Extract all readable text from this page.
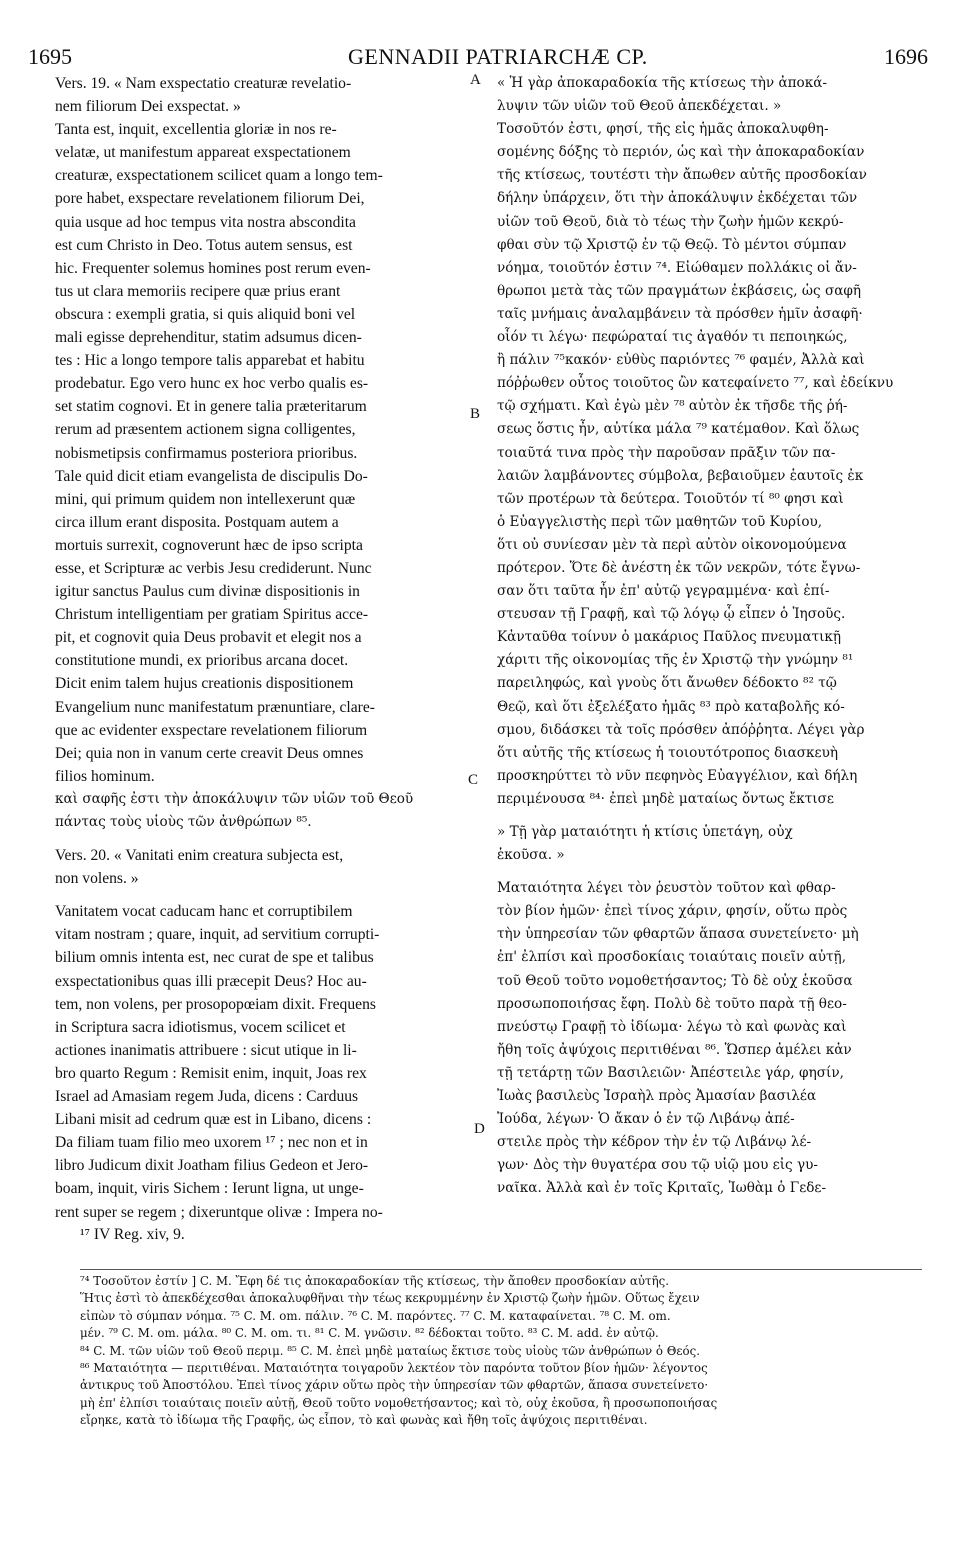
1695	GENNADII PATRIARCHÆ CP.	1696
A
B
C
D
Vers. 19. « Nam exspectatio creaturæ revelatio-
nem filiorum Dei exspectat. »
Tanta est, inquit, excellentia gloriæ in nos re-
velatæ, ut manifestum appareat exspectationem
creaturæ, exspectationem scilicet quam a longo tem-
pore habet, exspectare revelationem filiorum Dei,
quia usque ad hoc tempus vita nostra abscondita
est cum Christo in Deo. Totus autem sensus, est
hic. Frequenter solemus homines post rerum even-
tus ut clara memoriis recipere quæ prius erant
obscura : exempli gratia, si quis aliquid boni vel
mali egisse deprehenditur, statim adsumus dicen-
tes : Hic a longo tempore talis apparebat et habitu
prodebatur. Ego vero hunc ex hoc verbo qualis es-
set statim cognovi. Et in genere talia præteritarum
rerum ad præsentem actionem signa colligentes,
nobismetipsis confirmamus posteriora prioribus.
Tale quid dicit etiam evangelista de discipulis Do-
mini, qui primum quidem non intellexerunt quæ
circa illum erant disposita. Postquam autem a
mortuis surrexit, cognoverunt hæc de ipso scripta
esse, et Scripturæ ac verbis Jesu crediderunt. Nunc
igitur sanctus Paulus cum divinæ dispositionis in
Christum intelligentiam per gratiam Spiritus acce-
pit, et cognovit quia Deus probavit et elegit nos a
constitutione mundi, ex prioribus arcana docet.
Dicit enim talem hujus creationis dispositionem
Evangelium nunc manifestatum prænuntiare, clare-
que ac evidenter exspectare revelationem filiorum
Dei; quia non in vanum certe creavit Deus omnes
filios hominum.
καὶ σαφῆς ἐστι τὴν ἀποκάλυψιν τῶν υἱῶν τοῦ Θεοῦ
πάντας τοὺς υἱοὺς τῶν ἀνθρώπων ⁸⁵.
Vers. 20. « Vanitati enim creatura subjecta est,
non volens. »
Vanitatem vocat caducam hanc et corruptibilem
vitam nostram ; quare, inquit, ad servitium corrupti-
bilium omnis intenta est, nec curat de spe et talibus
exspectationibus quas illi præcepit Deus? Hoc au-
tem, non volens, per prosopopœiam dixit. Frequens
in Scriptura sacra idiotismus, vocem scilicet et
actiones inanimatis attribuere : sicut utique in li-
bro quarto Regum : Remisit enim, inquit, Joas rex
Israel ad Amasiam regem Juda, dicens : Carduus
Libani misit ad cedrum quæ est in Libano, dicens :
Da filiam tuam filio meo uxorem ¹⁷ ; nec non et in
libro Judicum dixit Joatham filius Gedeon et Jero-
boam, inquit, viris Sichem : Ierunt ligna, ut unge-
rent super se regem ; dixeruntque olivæ : Impera no-
« Ἡ γὰρ ἀποκαραδοκία τῆς κτίσεως τὴν ἀποκά-
λυψιν τῶν υἱῶν τοῦ Θεοῦ ἀπεκδέχεται. »
Τοσοῦτόν ἐστι, φησί, τῆς εἰς ἡμᾶς ἀποκαλυφθη-
σομένης δόξης τὸ περιόν, ὡς καὶ τὴν ἀποκαραδοκίαν
τῆς κτίσεως, τουτέστι τὴν ἄπωθεν αὐτῆς προσδοκίαν
δήλην ὑπάρχειν, ὅτι τὴν ἀποκάλυψιν ἐκδέχεται τῶν
υἱῶν τοῦ Θεοῦ, διὰ τὸ τέως τὴν ζωὴν ἡμῶν κεκρύ-
φθαι σὺν τῷ Χριστῷ ἐν τῷ Θεῷ. Τὸ μέντοι σύμπαν
νόημα, τοιοῦτόν ἐστιν ⁷⁴. Εἰώθαμεν πολλάκις οἱ ἄν-
θρωποι μετὰ τὰς τῶν πραγμάτων ἐκβάσεις, ὡς σαφῆ
ταῖς μνήμαις ἀναλαμβάνειν τὰ πρόσθεν ἡμῖν ἀσαφῆ·
οἷόν τι λέγω· πεφώραταί τις ἀγαθόν τι πεποιηκώς,
ἢ πάλιν ⁷⁵κακόν· εὐθὺς παριόντες ⁷⁶ φαμέν, Ἀλλὰ καὶ
πόῤῥωθεν οὗτος τοιοῦτος ὢν κατεφαίνετο ⁷⁷, καὶ ἐδείκνυ
τῷ σχήματι. Καὶ ἐγὼ μὲν ⁷⁸ αὐτὸν ἐκ τῆσδε τῆς ῥή-
σεως ὅστις ἦν, αὐτίκα μάλα ⁷⁹ κατέμαθον. Καὶ ὅλως
τοιαῦτά τινα πρὸς τὴν παροῦσαν πρᾶξιν τῶν πα-
λαιῶν λαμβάνοντες σύμβολα, βεβαιοῦμεν ἑαυτοῖς ἐκ
τῶν προτέρων τὰ δεύτερα. Τοιοῦτόν τί ⁸⁰ φησι καὶ
ὁ Εὐαγγελιστὴς περὶ τῶν μαθητῶν τοῦ Κυρίου,
ὅτι οὐ συνίεσαν μὲν τὰ περὶ αὐτὸν οἰκονομούμενα
πρότερον. Ὅτε δὲ ἀνέστη ἐκ τῶν νεκρῶν, τότε ἔγνω-
σαν ὅτι ταῦτα ἦν ἐπ' αὐτῷ γεγραμμένα· καὶ ἐπί-
στευσαν τῇ Γραφῇ, καὶ τῷ λόγῳ ᾧ εἶπεν ὁ Ἰησοῦς.
Κἀνταῦθα τοίνυν ὁ μακάριος Παῦλος πνευματικῇ
χάριτι τῆς οἰκονομίας τῆς ἐν Χριστῷ τὴν γνώμην ⁸¹
παρειληφώς, καὶ γνοὺς ὅτι ἄνωθεν δέδοκτο ⁸² τῷ
Θεῷ, καὶ ὅτι ἐξελέξατο ἡμᾶς ⁸³ πρὸ καταβολῆς κό-
σμου, διδάσκει τὰ τοῖς πρόσθεν ἀπόῤῥητα. Λέγει γὰρ
ὅτι αὐτῆς τῆς κτίσεως ἡ τοιουτότροπος διασκευὴ
προσκηρύττει τὸ νῦν πεφηνὸς Εὐαγγέλιον, καὶ δήλη
περιμένουσα ⁸⁴· ἐπεὶ μηδὲ ματαίως ὄντως ἔκτισε
» Τῇ γὰρ ματαιότητι ἡ κτίσις ὑπετάγη, οὐχ
ἑκοῦσα. »
Ματαιότητα λέγει τὸν ῥευστὸν τοῦτον καὶ φθαρ-
τὸν βίον ἡμῶν· ἐπεὶ τίνος χάριν, φησίν, οὕτω πρὸς
τὴν ὑπηρεσίαν τῶν φθαρτῶν ἅπασα συνετείνετο· μὴ
ἐπ' ἐλπίσι καὶ προσδοκίαις τοιαύταις ποιεῖν αὐτῇ,
τοῦ Θεοῦ τοῦτο νομοθετήσαντος; Τὸ δὲ οὐχ ἑκοῦσα
προσωποποιήσας ἔφη. Πολὺ δὲ τοῦτο παρὰ τῇ θεο-
πνεύστῳ Γραφῇ τὸ ἰδίωμα· λέγω τὸ καὶ φωνὰς καὶ
ἤθη τοῖς ἀψύχοις περιτιθέναι ⁸⁶. Ὥσπερ ἀμέλει κἀν
τῇ τετάρτῃ τῶν Βασιλειῶν· Ἀπέστειλε γάρ, φησίν,
Ἰωὰς βασιλεὺς Ἰσραὴλ πρὸς Ἀμασίαν βασιλέα
Ἰούδα, λέγων· Ὁ ἄκαν ὁ ἐν τῷ Λιβάνῳ ἀπέ-
στειλε πρὸς τὴν κέδρον τὴν ἐν τῷ Λιβάνῳ λέ-
γων· Δὸς τὴν θυγατέρα σου τῷ υἱῷ μου εἰς γυ-
ναῖκα. Ἀλλὰ καὶ ἐν τοῖς Κριταῖς, Ἰωθὰμ ὁ Γεδε-
¹⁷ IV Reg. xiv, 9.
⁷⁴ Τοσοῦτον ἐστίν ] C. M. Ἔφη δέ τις ἀποκαραδοκίαν τῆς κτίσεως, τὴν ἄποθεν προσδοκίαν αὐτῆς.
Ἥτις ἐστὶ τὸ ἀπεκδέχεσθαι ἀποκαλυφθῆναι τὴν τέως κεκρυμμένην ἐν Χριστῷ ζωὴν ἡμῶν. Οὕτως ἔχειν
εἰπὼν τὸ σύμπαν νόημα. ⁷⁵ C. M. om. πάλιν. ⁷⁶ C. M. παρόντες. ⁷⁷ C. M. καταφαίνεται. ⁷⁸ C. M. om.
μέν. ⁷⁹ C. M. om. μάλα. ⁸⁰ C. M. om. τι. ⁸¹ C. M. γνῶσιν. ⁸² δέδοκται τοῦτο. ⁸³ C. M. add. ἐν αὐτῷ.
⁸⁴ C. M. τῶν υἱῶν τοῦ Θεοῦ περιμ. ⁸⁵ C. M. ἐπεὶ μηδὲ ματαίως ἔκτισε τοὺς υἱοὺς τῶν ἀνθρώπων ὁ Θεός.
⁸⁶ Ματαιότητα — περιτιθέναι. Ματαιότητα τοιγαροῦν λεκτέον τὸν παρόντα τοῦτον βίον ἡμῶν· λέγοντος
ἀντικρυς τοῦ Ἀποστόλου. Ἐπεὶ τίνος χάριν οὕτω πρὸς τὴν ὑπηρεσίαν τῶν φθαρτῶν, ἅπασα συνετείνετο·
μὴ ἐπ' ἐλπίσι τοιαύταις ποιεῖν αὐτῇ, Θεοῦ τοῦτο νομοθετήσαντος; καὶ τὸ, οὐχ ἑκοῦσα, ἢ προσωποποιήσας
εἴρηκε, κατὰ τὸ ἰδίωμα τῆς Γραφῆς, ὡς εἶπον, τὸ καὶ φωνὰς καὶ ἤθη τοῖς ἀψύχοις περιτιθέναι.
